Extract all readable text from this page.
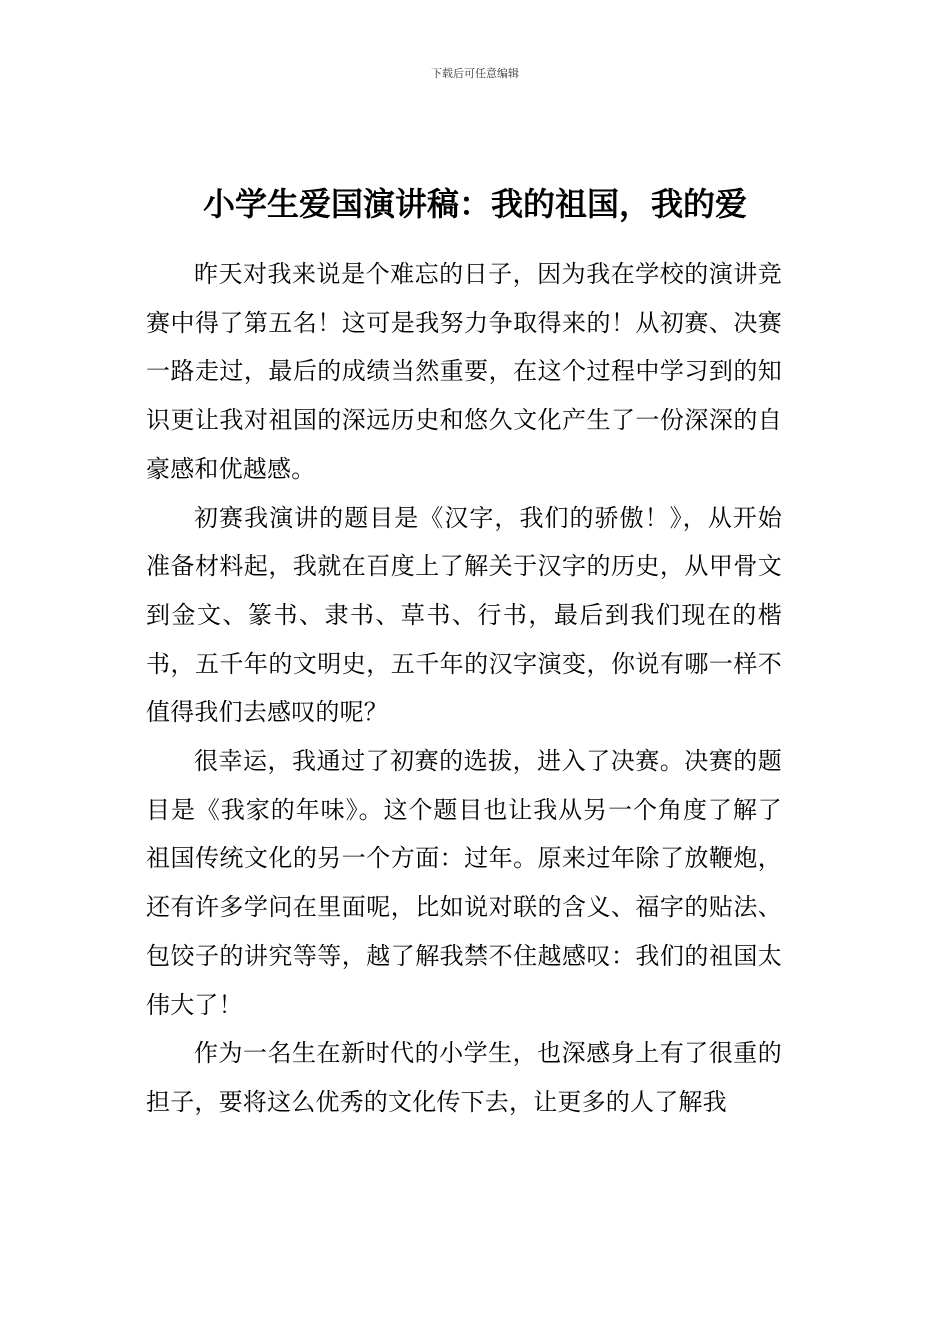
下载后可任意编辑
小学生爱国演讲稿：我的祖国，我的爱

昨天对我来说是个难忘的日子，因为我在学校的演讲竞赛中得了第五名！这可是我努力争取得来的！从初赛、决赛一路走过，最后的成绩当然重要，在这个过程中学习到的知识更让我对祖国的深远历史和悠久文化产生了一份深深的自豪感和优越感。

初赛我演讲的题目是《汉字，我们的骄傲！》，从开始准备材料起，我就在百度上了解关于汉字的历史，从甲骨文到金文、篆书、隶书、草书、行书，最后到我们现在的楷书，五千年的文明史，五千年的汉字演变，你说有哪一样不值得我们去感叹的呢？

很幸运，我通过了初赛的选拔，进入了决赛。决赛的题目是《我家的年味》。这个题目也让我从另一个角度了解了祖国传统文化的另一个方面：过年。原来过年除了放鞭炮，还有许多学问在里面呢，比如说对联的含义、福字的贴法、包饺子的讲究等等，越了解我禁不住越感叹：我们的祖国太伟大了！

作为一名生在新时代的小学生，也深感身上有了很重的担子，要将这么优秀的文化传下去，让更多的人了解我
